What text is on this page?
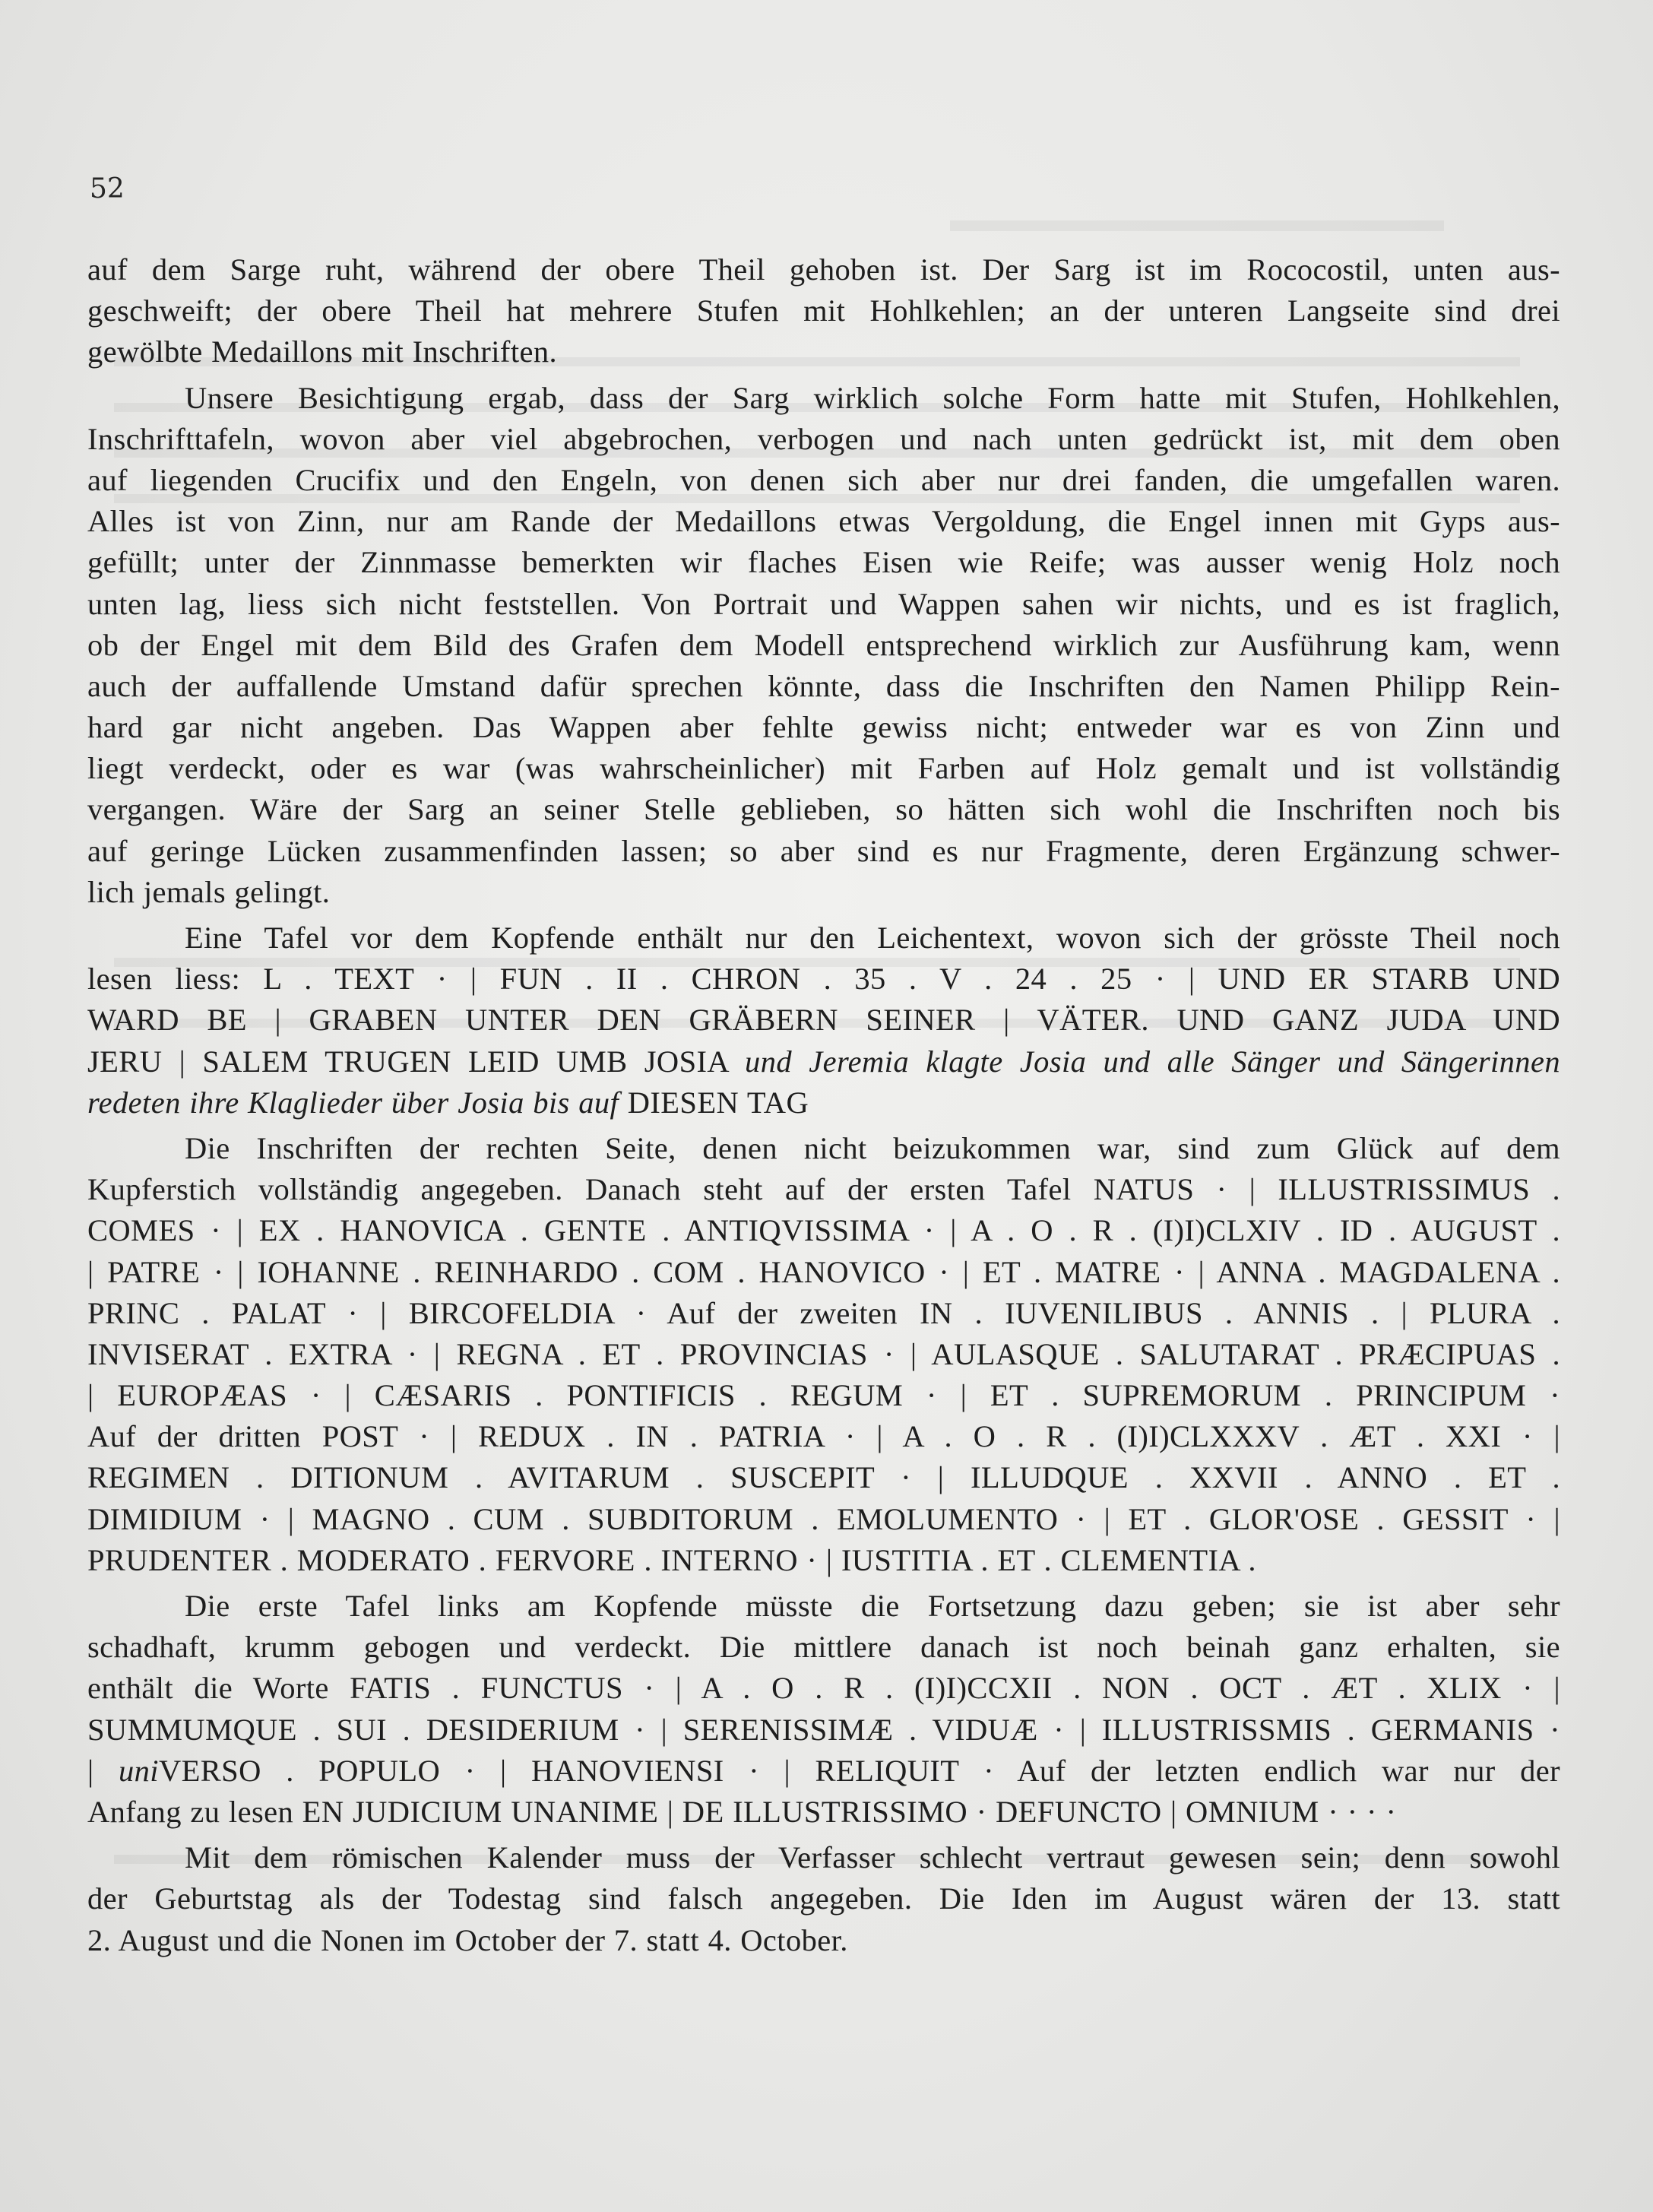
52
auf dem Sarge ruht, während der obere Theil gehoben ist. Der Sarg ist im Rococostil, unten aus-
geschweift; der obere Theil hat mehrere Stufen mit Hohlkehlen; an der unteren Langseite sind drei
gewölbte Medaillons mit Inschriften.
Unsere Besichtigung ergab, dass der Sarg wirklich solche Form hatte mit Stufen, Hohlkehlen,
Inschrifttafeln, wovon aber viel abgebrochen, verbogen und nach unten gedrückt ist, mit dem oben
auf liegenden Crucifix und den Engeln, von denen sich aber nur drei fanden, die umgefallen waren.
Alles ist von Zinn, nur am Rande der Medaillons etwas Vergoldung, die Engel innen mit Gyps aus-
gefüllt; unter der Zinnmasse bemerkten wir flaches Eisen wie Reife; was ausser wenig Holz noch
unten lag, liess sich nicht feststellen. Von Portrait und Wappen sahen wir nichts, und es ist fraglich,
ob der Engel mit dem Bild des Grafen dem Modell entsprechend wirklich zur Ausführung kam, wenn
auch der auffallende Umstand dafür sprechen könnte, dass die Inschriften den Namen Philipp Rein-
hard gar nicht angeben. Das Wappen aber fehlte gewiss nicht; entweder war es von Zinn und
liegt verdeckt, oder es war (was wahrscheinlicher) mit Farben auf Holz gemalt und ist vollständig
vergangen. Wäre der Sarg an seiner Stelle geblieben, so hätten sich wohl die Inschriften noch bis
auf geringe Lücken zusammenfinden lassen; so aber sind es nur Fragmente, deren Ergänzung schwer-
lich jemals gelingt.
Eine Tafel vor dem Kopfende enthält nur den Leichentext, wovon sich der grösste Theil noch
lesen liess: L . TEXT · | FUN . II . CHRON . 35 . V . 24 . 25 · | UND ER STARB UND
WARD BE | GRABEN UNTER DEN GRÄBERN SEINER | VÄTER. UND GANZ JUDA UND
JERU | SALEM TRUGEN LEID UMB JOSIA und Jeremia klagte Josia und alle Sänger und Sängerinnen
redeten ihre Klaglieder über Josia bis auf DIESEN TAG
Die Inschriften der rechten Seite, denen nicht beizukommen war, sind zum Glück auf dem
Kupferstich vollständig angegeben. Danach steht auf der ersten Tafel NATUS · | ILLUSTRISSIMUS .
COMES · | EX . HANOVICA . GENTE . ANTIQVISSIMA · | A . O . R . (I)I)CLXIV . ID . AUGUST .
| PATRE · | IOHANNE . REINHARDO . COM . HANOVICO · | ET . MATRE · | ANNA . MAGDALENA .
PRINC . PALAT · | BIRCOFELDIA · Auf der zweiten IN . IUVENILIBUS . ANNIS . | PLURA .
INVISERAT . EXTRA · | REGNA . ET . PROVINCIAS · | AULASQUE . SALUTARAT . PRÆCIPUAS .
| EUROPÆAS · | CÆSARIS . PONTIFICIS . REGUM · | ET . SUPREMORUM . PRINCIPUM ·
Auf der dritten POST · | REDUX . IN . PATRIA · | A . O . R . (I)I)CLXXXV . ÆT . XXI · |
REGIMEN . DITIONUM . AVITARUM . SUSCEPIT · | ILLUDQUE . XXVII . ANNO . ET .
DIMIDIUM · | MAGNO . CUM . SUBDITORUM . EMOLUMENTO · | ET . GLOR'OSE . GESSIT · |
PRUDENTER . MODERATO . FERVORE . INTERNO · | IUSTITIA . ET . CLEMENTIA .
Die erste Tafel links am Kopfende müsste die Fortsetzung dazu geben; sie ist aber sehr
schadhaft, krumm gebogen und verdeckt. Die mittlere danach ist noch beinah ganz erhalten, sie
enthält die Worte FATIS . FUNCTUS · | A . O . R . (I)I)CCXII . NON . OCT . ÆT . XLIX · |
SUMMUMQUE . SUI . DESIDERIUM · | SERENISSIMÆ . VIDUÆ · | ILLUSTRISSMIS . GERMANIS ·
| uniVERSO . POPULO · | HANOVIENSI · | RELIQUIT · Auf der letzten endlich war nur der
Anfang zu lesen EN JUDICIUM UNANIME | DE ILLUSTRISSIMO · DEFUNCTO | OMNIUM · · · ·
Mit dem römischen Kalender muss der Verfasser schlecht vertraut gewesen sein; denn sowohl
der Geburtstag als der Todestag sind falsch angegeben. Die Iden im August wären der 13. statt
2. August und die Nonen im October der 7. statt 4. October.
